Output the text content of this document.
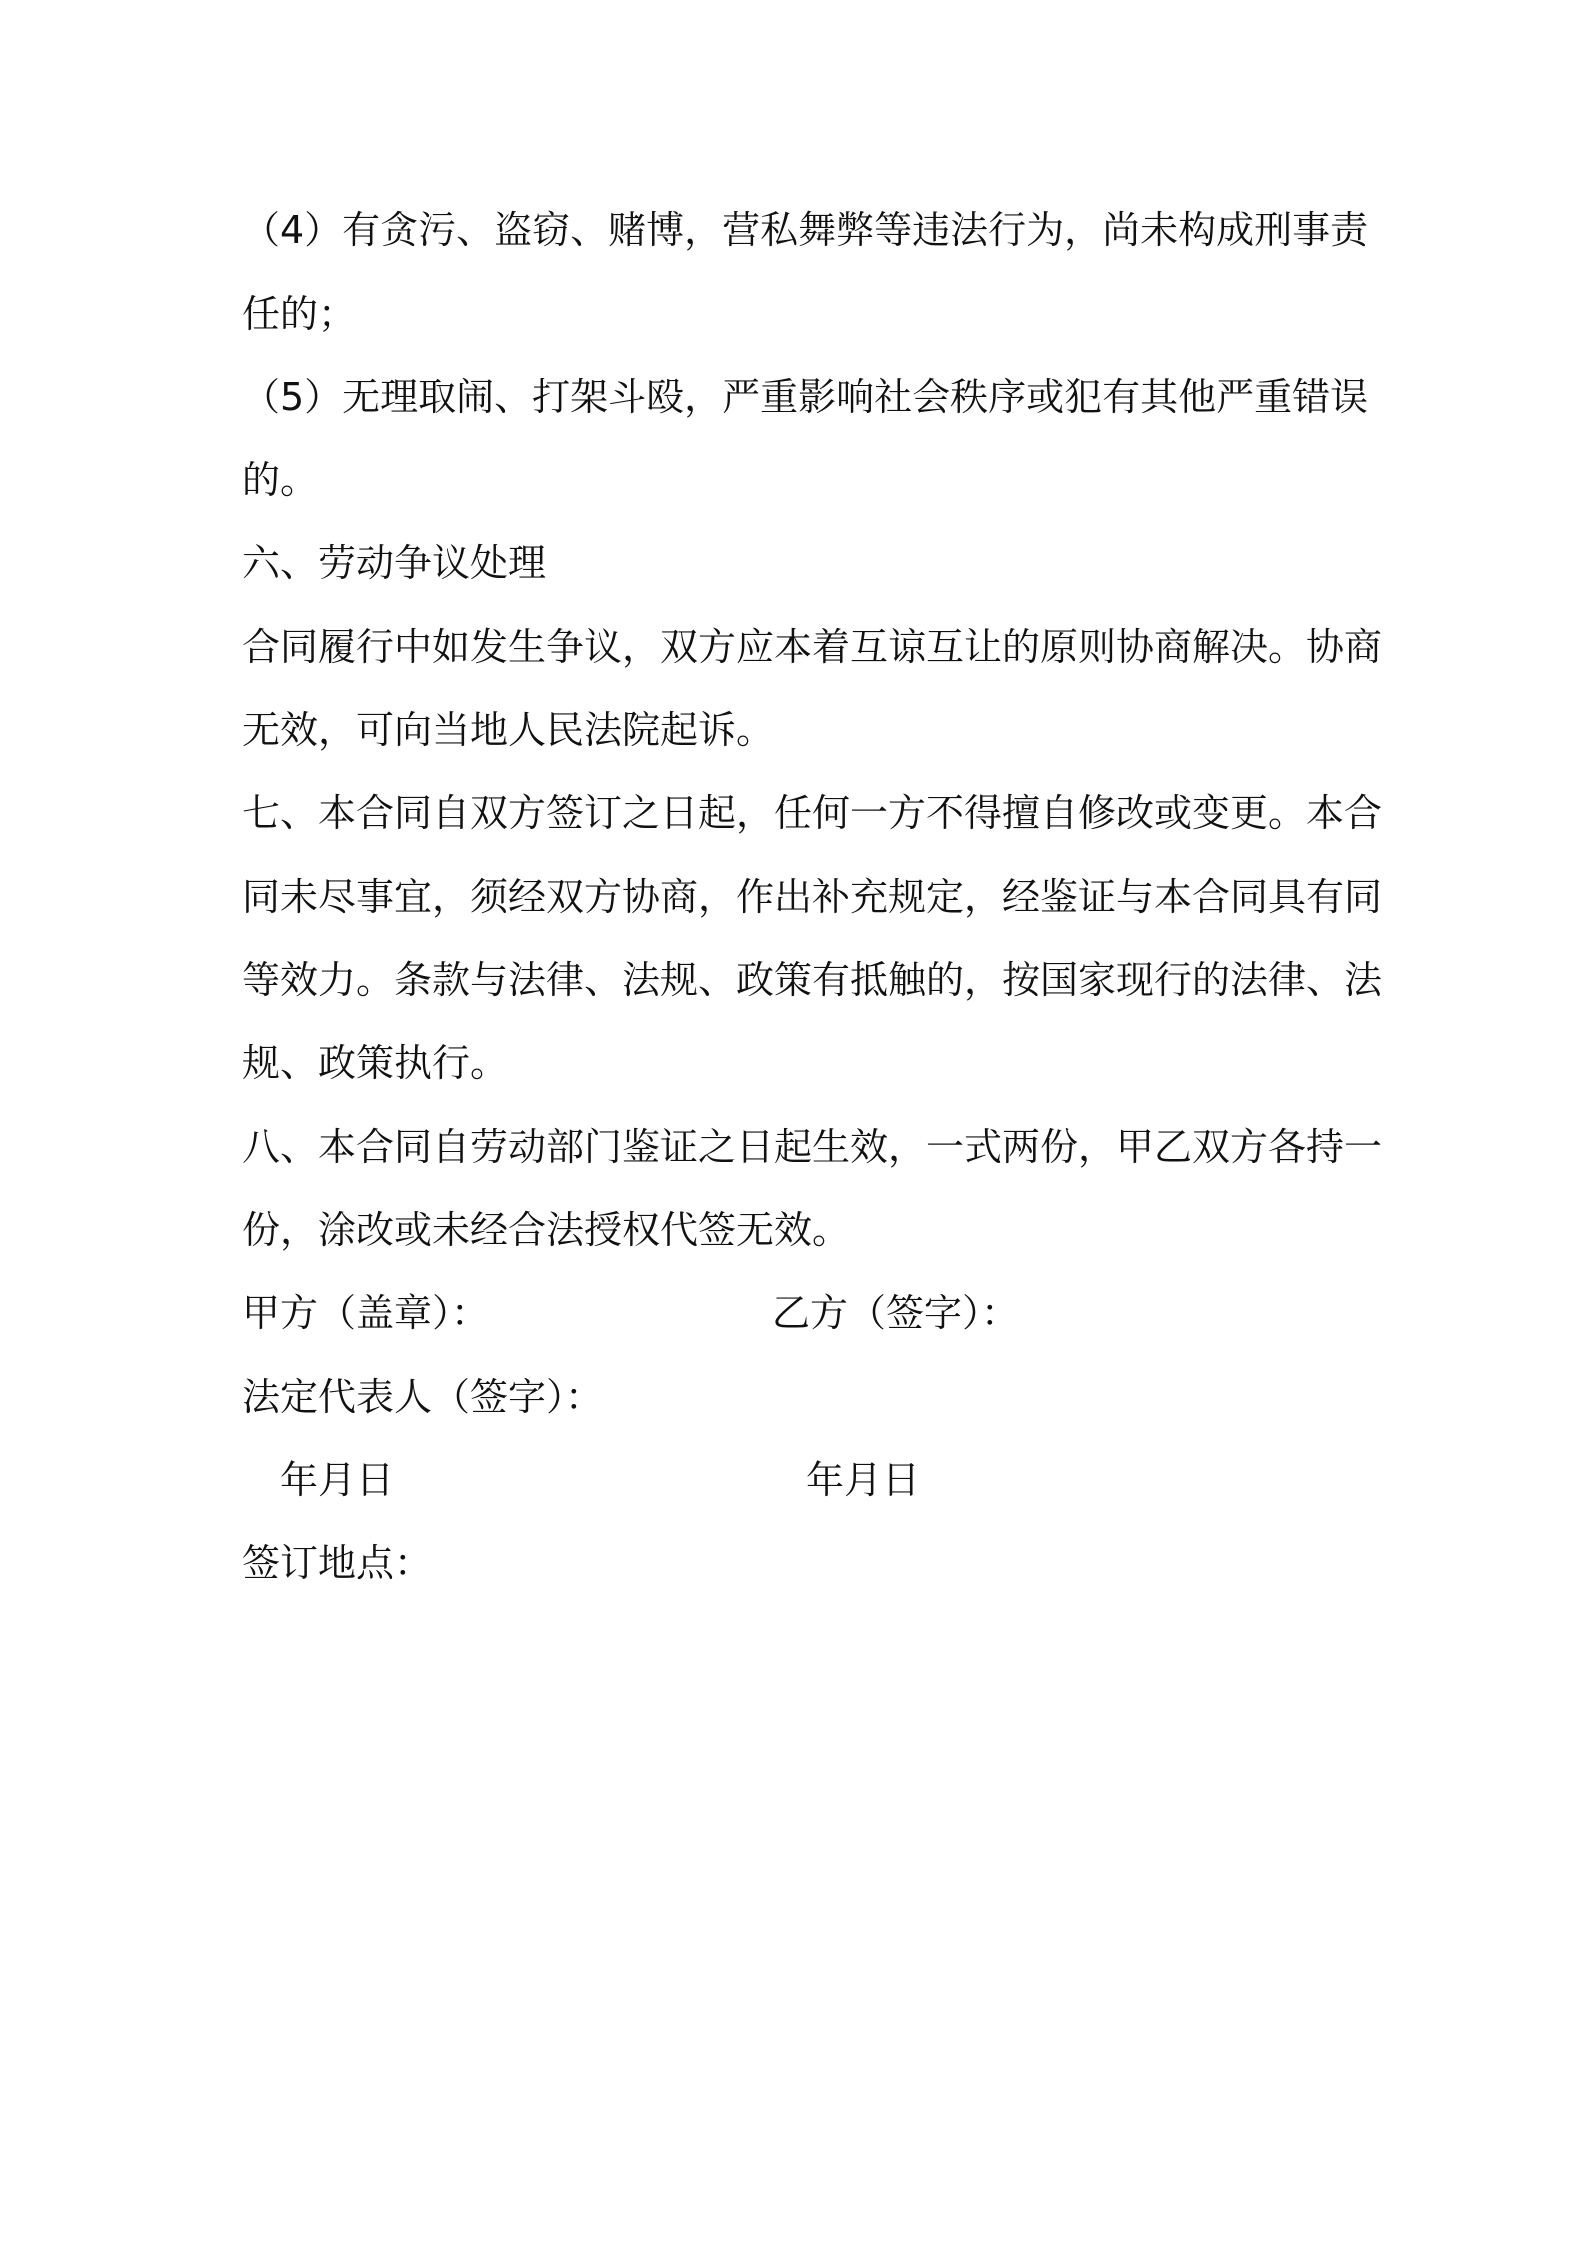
（4）有贪污、盗窃、赌博，营私舞弊等违法行为，尚未构成刑事责
任的；
（5）无理取闹、打架斗殴，严重影响社会秩序或犯有其他严重错误
的。
六、劳动争议处理
合同履行中如发生争议，双方应本着互谅互让的原则协商解决。协商
无效，可向当地人民法院起诉。
七、本合同自双方签订之日起，任何一方不得擅自修改或变更。本合
同未尽事宜，须经双方协商，作出补充规定，经鉴证与本合同具有同
等效力。条款与法律、法规、政策有抵触的，按国家现行的法律、法
规、政策执行。
八、本合同自劳动部门鉴证之日起生效，一式两份，甲乙双方各持一
份，涂改或未经合法授权代签无效。
甲方（盖章）：	乙方（签字）：
法定代表人（签字）：
年
月
日	年
月
日
签订地点：
